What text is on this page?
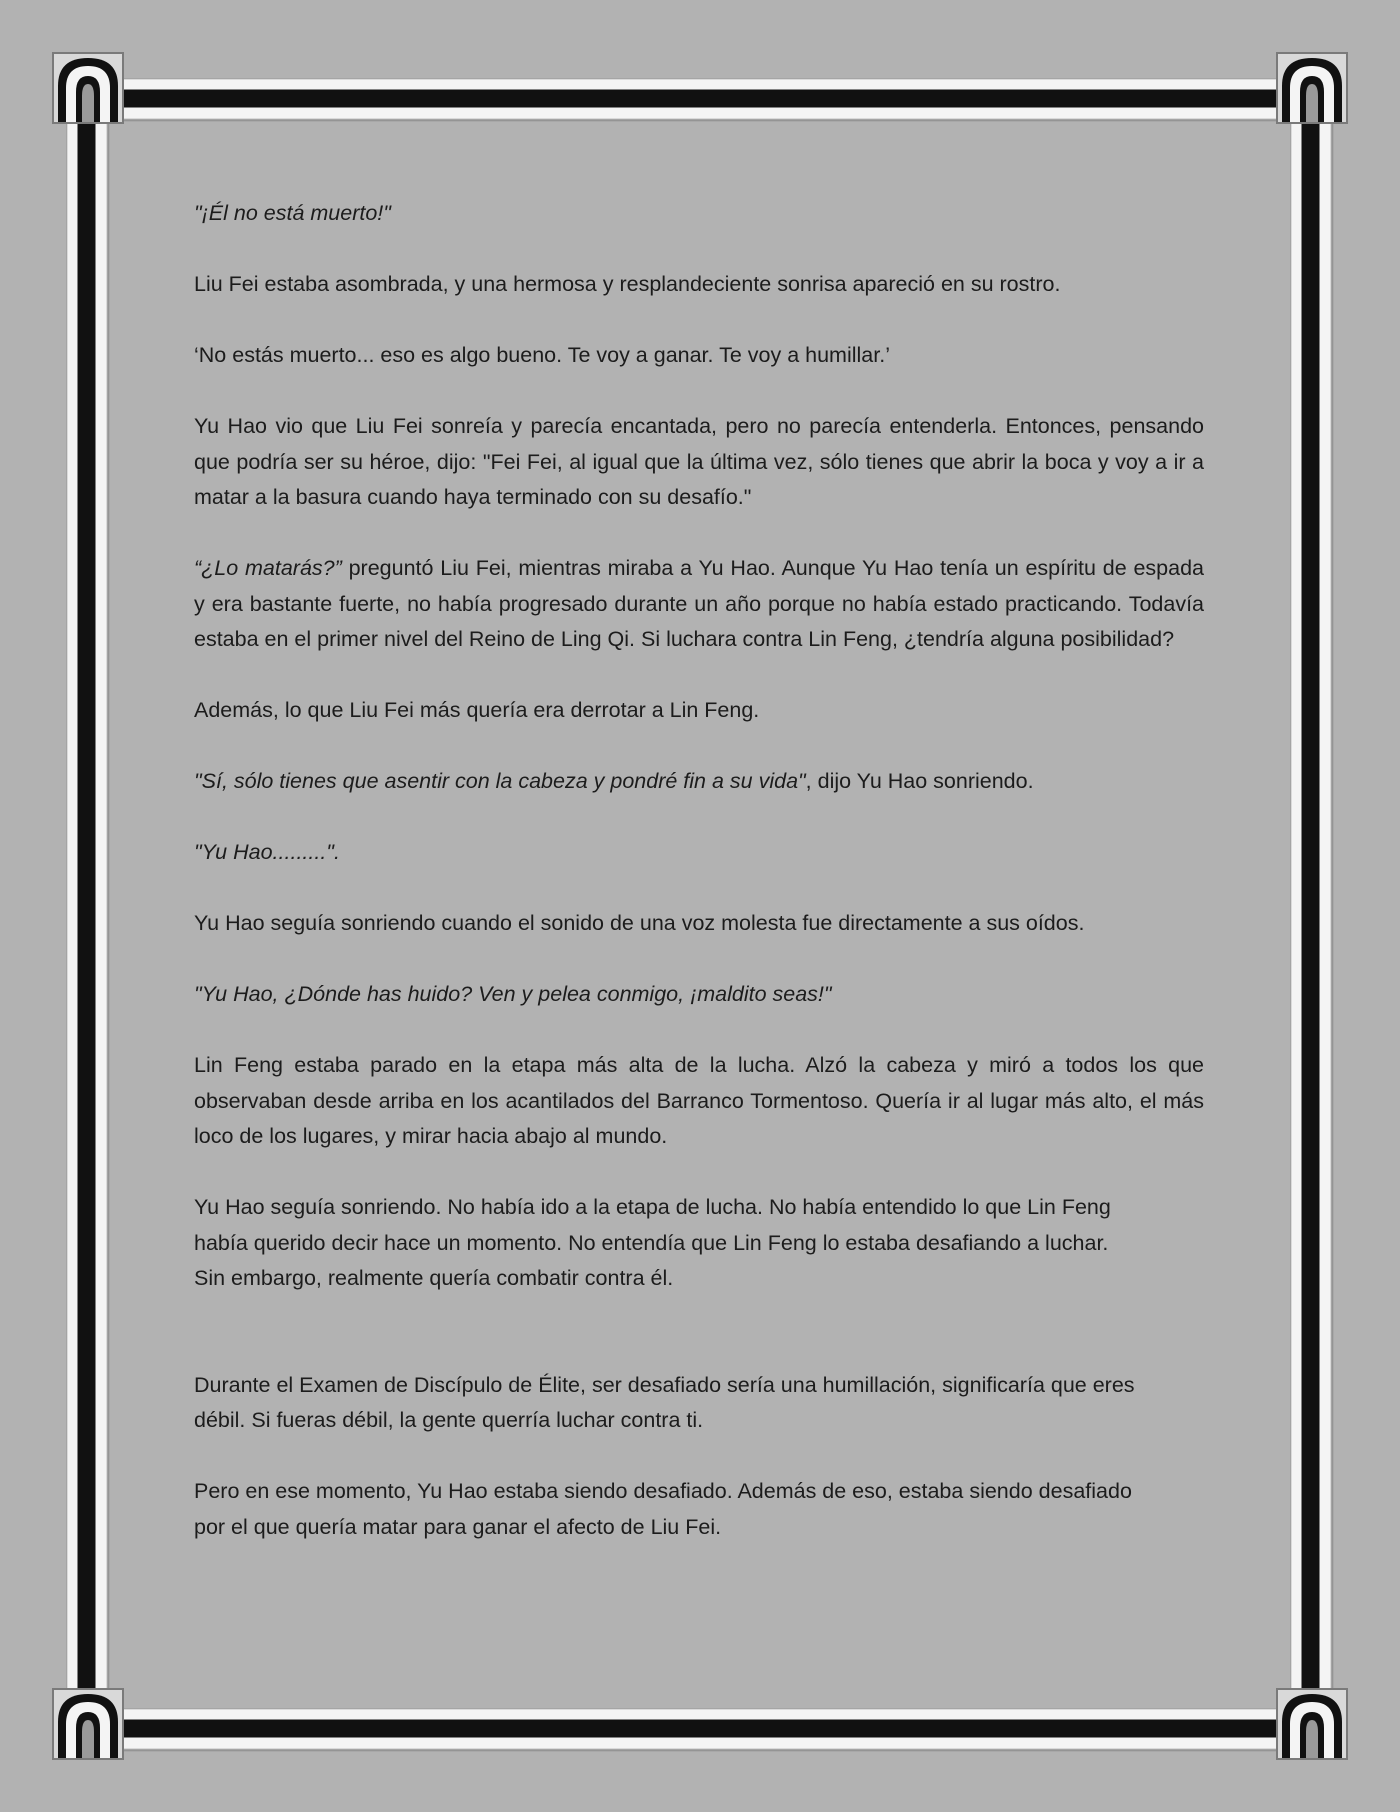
"¡Él no está muerto!"

Liu Fei estaba asombrada, y una hermosa y resplandeciente sonrisa apareció en su rostro.

‘No estás muerto... eso es algo bueno. Te voy a ganar. Te voy a humillar.’

Yu Hao vio que Liu Fei sonreía y parecía encantada, pero no parecía entenderla. Entonces, pensando que podría ser su héroe, dijo: "Fei Fei, al igual que la última vez, sólo tienes que abrir la boca y voy a ir a matar a la basura cuando haya terminado con su desafío."

“¿Lo matarás?” preguntó Liu Fei, mientras miraba a Yu Hao. Aunque Yu Hao tenía un espíritu de espada y era bastante fuerte, no había progresado durante un año porque no había estado practicando. Todavía estaba en el primer nivel del Reino de Ling Qi. Si luchara contra Lin Feng, ¿tendría alguna posibilidad?

Además, lo que Liu Fei más quería era derrotar a Lin Feng.

"Sí, sólo tienes que asentir con la cabeza y pondré fin a su vida", dijo Yu Hao sonriendo.

"Yu Hao.........".

Yu Hao seguía sonriendo cuando el sonido de una voz molesta fue directamente a sus oídos.

"Yu Hao, ¿Dónde has huido? Ven y pelea conmigo, ¡maldito seas!"

Lin Feng estaba parado en la etapa más alta de la lucha. Alzó la cabeza y miró a todos los que observaban desde arriba en los acantilados del Barranco Tormentoso. Quería ir al lugar más alto, el más loco de los lugares, y mirar hacia abajo al mundo.

Yu Hao seguía sonriendo. No había ido a la etapa de lucha. No había entendido lo que Lin Feng
había querido decir hace un momento. No entendía que Lin Feng lo estaba desafiando a luchar.
Sin embargo, realmente quería combatir contra él.

Durante el Examen de Discípulo de Élite, ser desafiado sería una humillación, significaría que eres
débil. Si fueras débil, la gente querría luchar contra ti.

Pero en ese momento, Yu Hao estaba siendo desafiado. Además de eso, estaba siendo desafiado
por el que quería matar para ganar el afecto de Liu Fei.
